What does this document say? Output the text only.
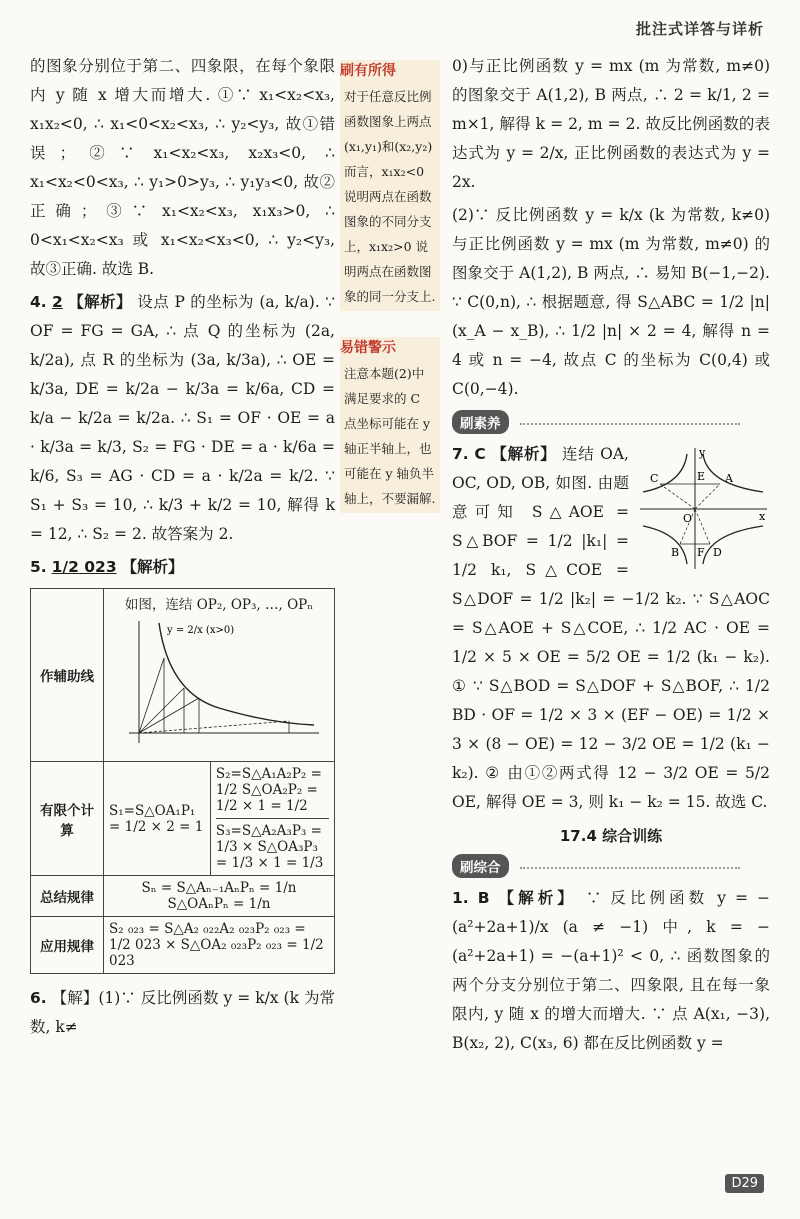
批注式详答与详析

的图象分别位于第二、四象限，在每个象限内 y 随 x 增大而增大. ①∵ x₁<x₂<x₃, x₁x₂<0, ∴ x₁<0<x₂<x₃, ∴ y₂<y₃, 故①错误；②∵ x₁<x₂<x₃, x₂x₃<0, ∴ x₁<x₂<0<x₃, ∴ y₁>0>y₃, ∴ y₁y₃<0, 故②正确；③∵ x₁<x₂<x₃, x₁x₃>0, ∴ 0<x₁<x₂<x₃ 或 x₁<x₂<x₃<0, ∴ y₂<y₃, 故③正确. 故选 B.

4. 2 【解析】 设点 P 的坐标为 (a, k/a). ∵ OF = FG = GA, ∴ 点 Q 的坐标为 (2a, k/2a), 点 R 的坐标为 (3a, k/3a), ∴ OE = k/3a, DE = k/2a − k/3a = k/6a, CD = k/a − k/2a = k/2a. ∴ S₁ = OF · OE = a · k/3a = k/3, S₂ = FG · DE = a · k/6a = k/6, S₃ = AG · CD = a · k/2a = k/2. ∵ S₁ + S₃ = 10, ∴ k/3 + k/2 = 10, 解得 k = 12, ∴ S₂ = 2. 故答案为 2.

5. 1/2 023 【解析】

作辅助线	如图，连结 OP₂, OP₃, …, OPₙ
y = 2/x (x>0)	

有限个计算	S₁=S△OA₁P₁ = 1/2 × 2 = 1	S₂=S△A₁A₂P₂ = 1/2 S△OA₂P₂ = 1/2 × 1 = 1/2
S₃=S△A₂A₃P₃ = 1/3 × S△OA₃P₃ = 1/3 × 1 = 1/3

总结规律	Sₙ = S△Aₙ₋₁AₙPₙ = 1/n S△OAₙPₙ = 1/n	
应用规律	S₂ ₀₂₃ = S△A₂ ₀₂₂A₂ ₀₂₃P₂ ₀₂₃ = 1/2 023 × S△OA₂ ₀₂₃P₂ ₀₂₃ = 1/2 023	

6. 【解】(1)∵ 反比例函数 y = k/x (k 为常数, k≠

刷有所得
对于任意反比例函数图象上两点(x₁,y₁)和(x₂,y₂)而言，x₁x₂<0 说明两点在函数图象的不同分支上，x₁x₂>0 说明两点在函数图象的同一分支上.
易错警示
注意本题(2)中满足要求的 C 点坐标可能在 y 轴正半轴上，也可能在 y 轴负半轴上，不要漏解.

0)与正比例函数 y = mx (m 为常数, m≠0) 的图象交于 A(1,2), B 两点, ∴ 2 = k/1, 2 = m×1, 解得 k = 2, m = 2. 故反比例函数的表达式为 y = 2/x, 正比例函数的表达式为 y = 2x.

(2)∵ 反比例函数 y = k/x (k 为常数, k≠0) 与正比例函数 y = mx (m 为常数, m≠0) 的图象交于 A(1,2), B 两点, ∴ 易知 B(−1,−2). ∵ C(0,n), ∴ 根据题意, 得 S△ABC = 1/2 |n| (x_A − x_B), ∴ 1/2 |n| × 2 = 4, 解得 n = 4 或 n = −4, 故点 C 的坐标为 C(0,4) 或 C(0,−4).

刷素养
C	E A
O	x
y
B F D

7. C 【解析】 连结 OA, OC, OD, OB, 如图. 由题意可知 S△AOE = S△BOF = 1/2 |k₁| = 1/2 k₁, S△COE = S△DOF = 1/2 |k₂| = −1/2 k₂. ∵ S△AOC = S△AOE + S△COE, ∴ 1/2 AC · OE = 1/2 × 5 × OE = 5/2 OE = 1/2 (k₁ − k₂). ① ∵ S△BOD = S△DOF + S△BOF, ∴ 1/2 BD · OF = 1/2 × 3 × (EF − OE) = 1/2 × 3 × (8 − OE) = 12 − 3/2 OE = 1/2 (k₁ − k₂). ② 由①②两式得 12 − 3/2 OE = 5/2 OE, 解得 OE = 3, 则 k₁ − k₂ = 15. 故选 C.

17.4 综合训练
刷综合

1. B 【解析】 ∵ 反比例函数 y = −(a²+2a+1)/x (a ≠ −1) 中, k = −(a²+2a+1) = −(a+1)² < 0, ∴ 函数图象的两个分支分别位于第二、四象限, 且在每一象限内, y 随 x 的增大而增大. ∵ 点 A(x₁, −3), B(x₂, 2), C(x₃, 6) 都在反比例函数 y =

D29
